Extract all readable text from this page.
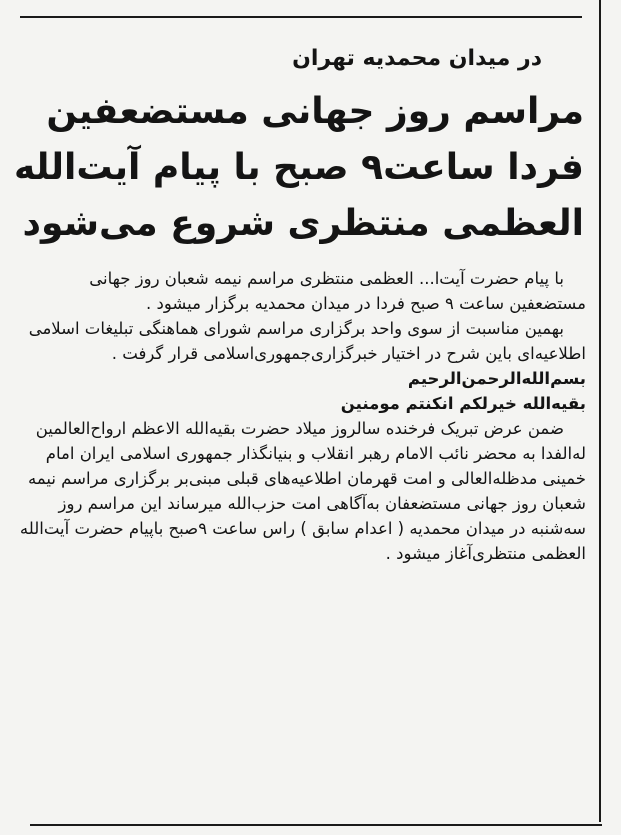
در میدان محمدیه تهران
مراسم روز جهانی مستضعفین
فردا ساعت۹ صبح با پیام آیت‌الله
العظمی منتظری شروع می‌شود

با پیام حضرت آیت‌ا... العظمی منتظری مراسم نیمه شعبان روز جهانی مستضعفین ساعت ۹ صبح فردا در میدان محمدیه برگزار میشود .

بهمین مناسبت از سوی واحد برگزاری مراسم شورای هماهنگی تبلیغات اسلامی اطلاعیه‌ای باین شرح در اختیار خبرگزاری‌جمهوری‌اسلامی قرار گرفت .

بسم‌الله‌الرحمن‌الرحیم

بقیه‌الله خیرلکم انکنتم مومنین

ضمن عرض تبریک فرخنده سالروز میلاد حضرت بقیه‌الله الاعظم ارواح‌العالمین له‌الفدا به محضر نائب الامام رهبر انقلاب و بنیانگذار جمهوری اسلامی ایران امام خمینی مدظله‌العالی و امت قهرمان اطلاعیه‌های قبلی مبنی‌بر برگزاری مراسم نیمه شعبان روز جهانی مستضعفان به‌آگاهی امت حزب‌الله میرساند این مراسم روز سه‌شنبه در میدان محمدیه ( اعدام سابق ) راس ساعت ۹صبح باپیام حضرت آیت‌الله العظمی منتظری‌آغاز میشود .
